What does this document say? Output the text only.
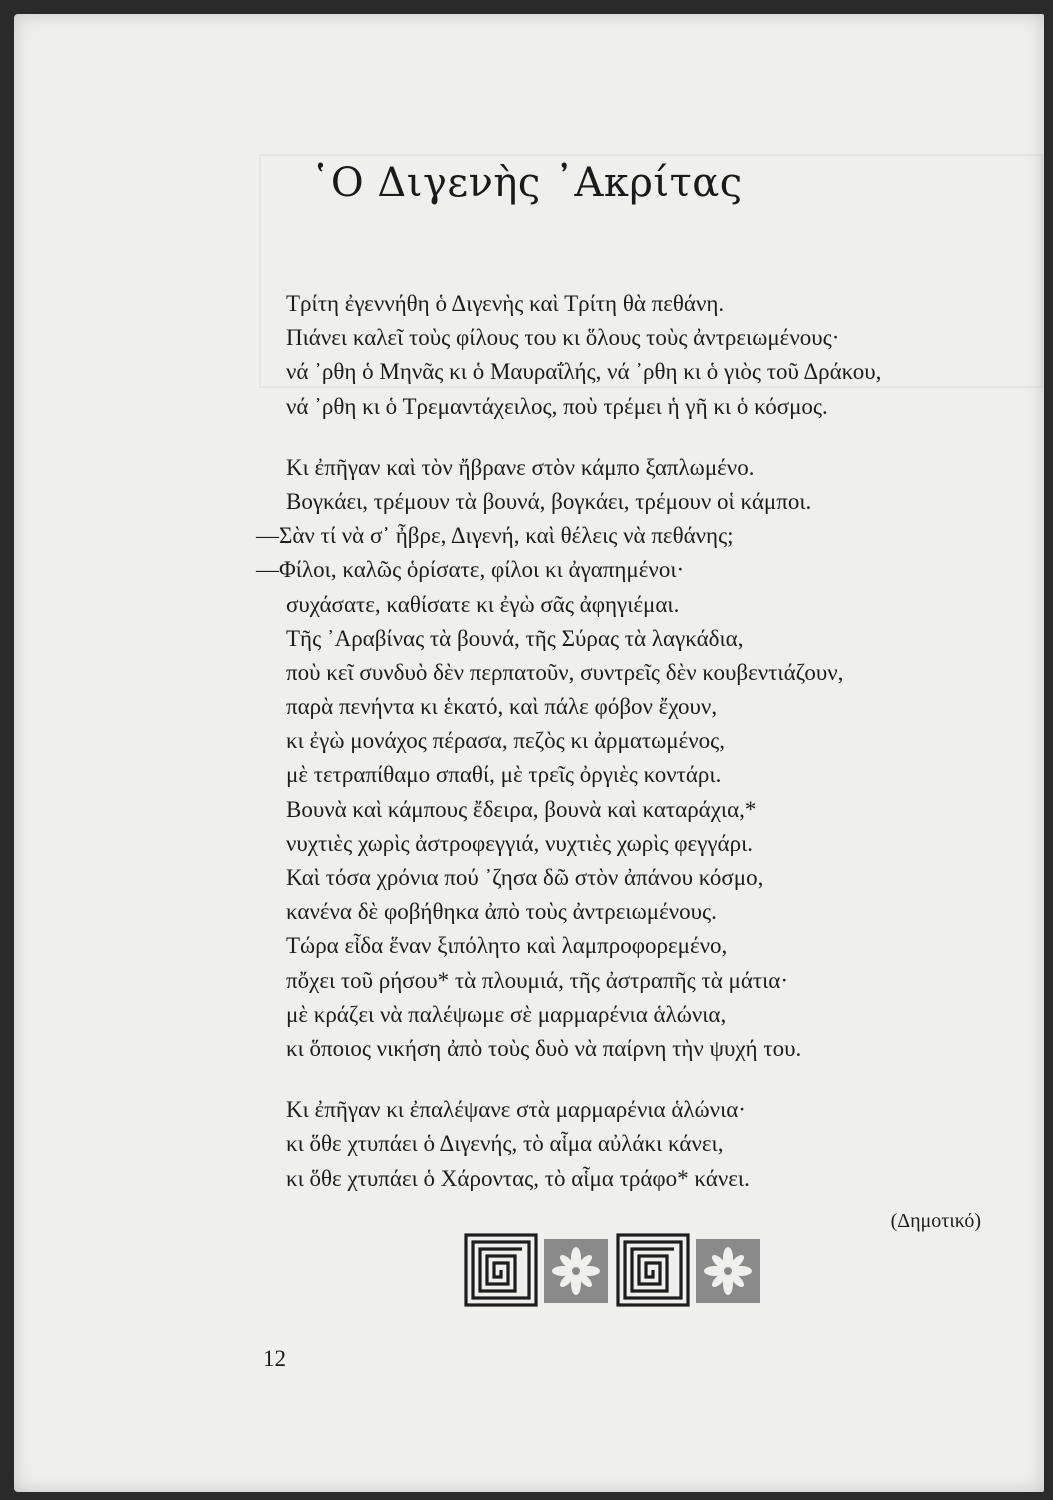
῾Ο Διγενὴς ᾿Ακρίτας
Τρίτη ἐγεννήθη ὁ Διγενὴς καὶ Τρίτη θὰ πεθάνη.
Πιάνει καλεῖ τοὺς φίλους του κι ὅλους τοὺς ἀντρειωμένους·
νά ᾽ρθη ὁ Μηνᾶς κι ὁ Μαυραΐλής, νά ᾽ρθη κι ὁ γιὸς τοῦ Δράκου,
νά ᾽ρθη κι ὁ Τρεμαντάχειλος, ποὺ τρέμει ἡ γῆ κι ὁ κόσμος.
Κι ἐπῆγαν καὶ τὸν ἤβρανε στὸν κάμπο ξαπλωμένο.
Βογκάει, τρέμουν τὰ βουνά, βογκάει, τρέμουν οἱ κάμποι.
—Σὰν τί νὰ σ᾽ ἦβρε, Διγενή, καὶ θέλεις νὰ πεθάνης;
—Φίλοι, καλῶς ὁρίσατε, φίλοι κι ἀγαπημένοι·
συχάσατε, καθίσατε κι ἐγὼ σᾶς ἀφηγιέμαι.
Τῆς ᾽Αραβίνας τὰ βουνά, τῆς Σύρας τὰ λαγκάδια,
ποὺ κεῖ συνδυὸ δὲν περπατοῦν, συντρεῖς δὲν κουβεντιάζουν,
παρὰ πενήντα κι ἑκατό, καὶ πάλε φόβον ἔχουν,
κι ἐγὼ μονάχος πέρασα, πεζὸς κι ἀρματωμένος,
μὲ τετραπίθαμο σπαθί, μὲ τρεῖς ὀργιὲς κοντάρι.
Βουνὰ καὶ κάμπους ἔδειρα, βουνὰ καὶ καταράχια,*
νυχτιὲς χωρὶς ἀστροφεγγιά, νυχτιὲς χωρὶς φεγγάρι.
Καὶ τόσα χρόνια πού ᾽ζησα δῶ στὸν ἀπάνου κόσμο,
κανένα δὲ φοβήθηκα ἀπὸ τοὺς ἀντρειωμένους.
Τώρα εἶδα ἕναν ξιπόλητο καὶ λαμπροφορεμένο,
πὄχει τοῦ ρήσου* τὰ πλουμιά, τῆς ἀστραπῆς τὰ μάτια·
μὲ κράζει νὰ παλέψωμε σὲ μαρμαρένια ἁλώνια,
κι ὅποιος νικήση ἀπὸ τοὺς δυὸ νὰ παίρνη τὴν ψυχή του.
Κι ἐπῆγαν κι ἐπαλέψανε στὰ μαρμαρένια ἁλώνια·
κι ὅθε χτυπάει ὁ Διγενής, τὸ αἷμα αὐλάκι κάνει,
κι ὅθε χτυπάει ὁ Χάροντας, τὸ αἷμα τράφο* κάνει.
(Δημοτικό)
12
